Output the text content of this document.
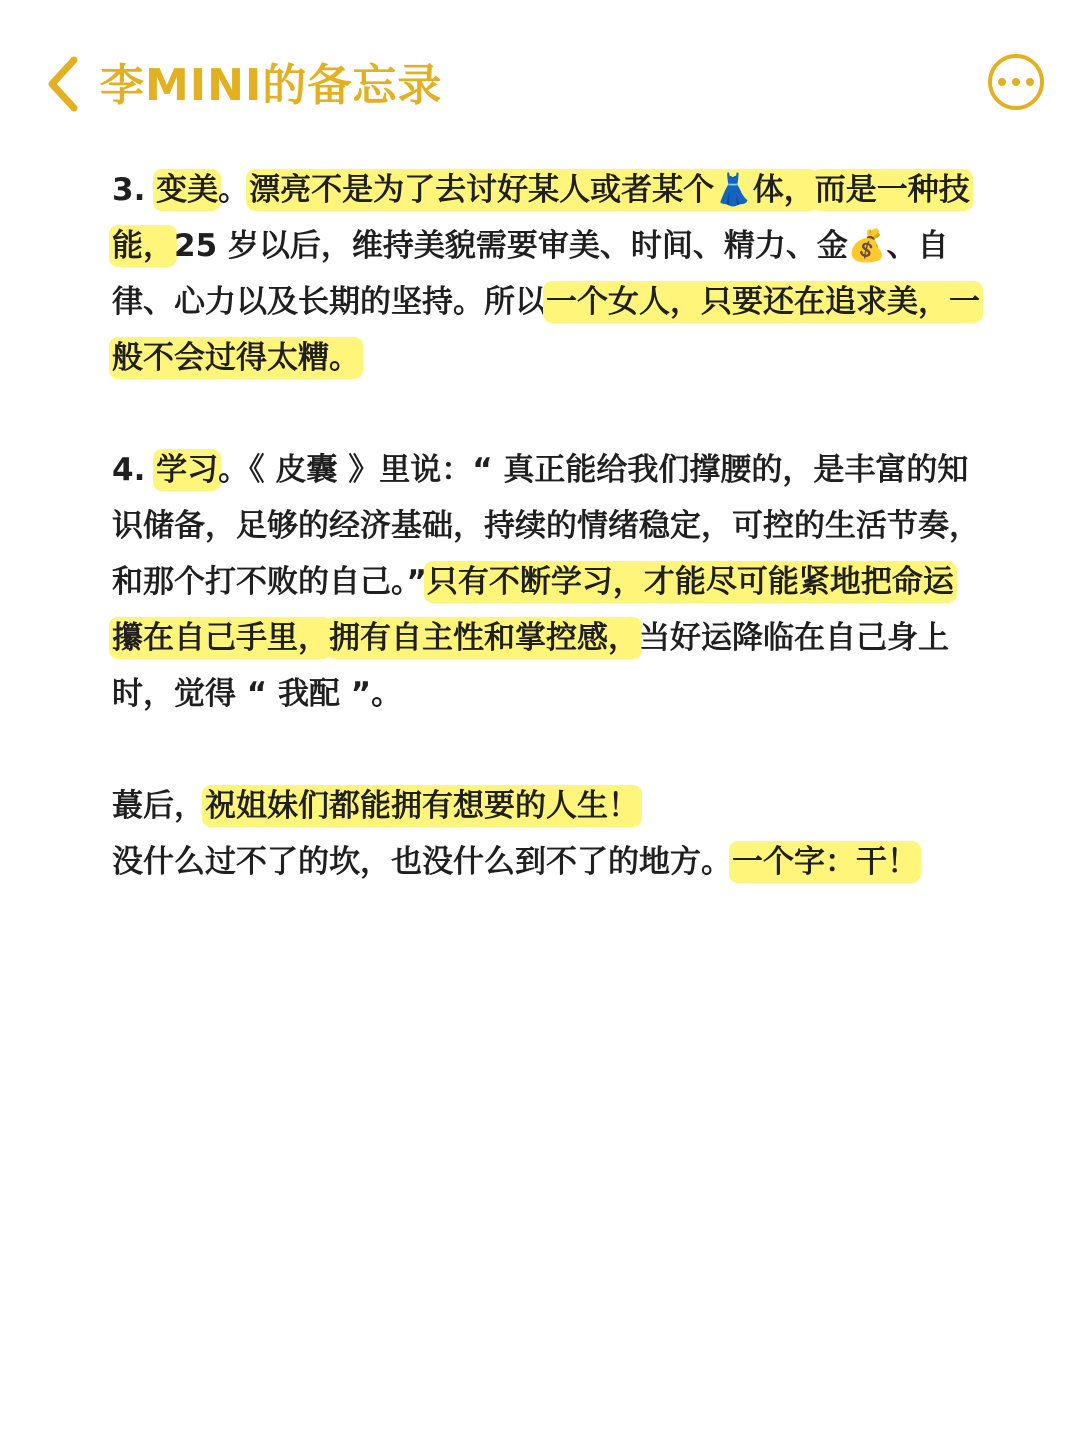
李MINI的备忘录

3. 变美。漂亮不是为了去讨好某人或者某个👗体，而是一种技能，25 岁以后，维持美貌需要审美、时间、精力、金💰、自律、心力以及长期的坚持。所以一个女人，只要还在追求美，一般不会过得太糟。

4. 学习。《 皮囊 》里说：“ 真正能给我们撑腰的，是丰富的知识储备，足够的经济基础，持续的情绪稳定，可控的生活节奏，和那个打不败的自己。”只有不断学习，才能尽可能紧地把命运攥在自己手里，拥有自主性和掌控感，当好运降临在自己身上时，觉得 “ 我配 ”。

蕞后，祝姐妹们都能拥有想要的人生！
没什么过不了的坎，也没什么到不了的地方。一个字：干！
